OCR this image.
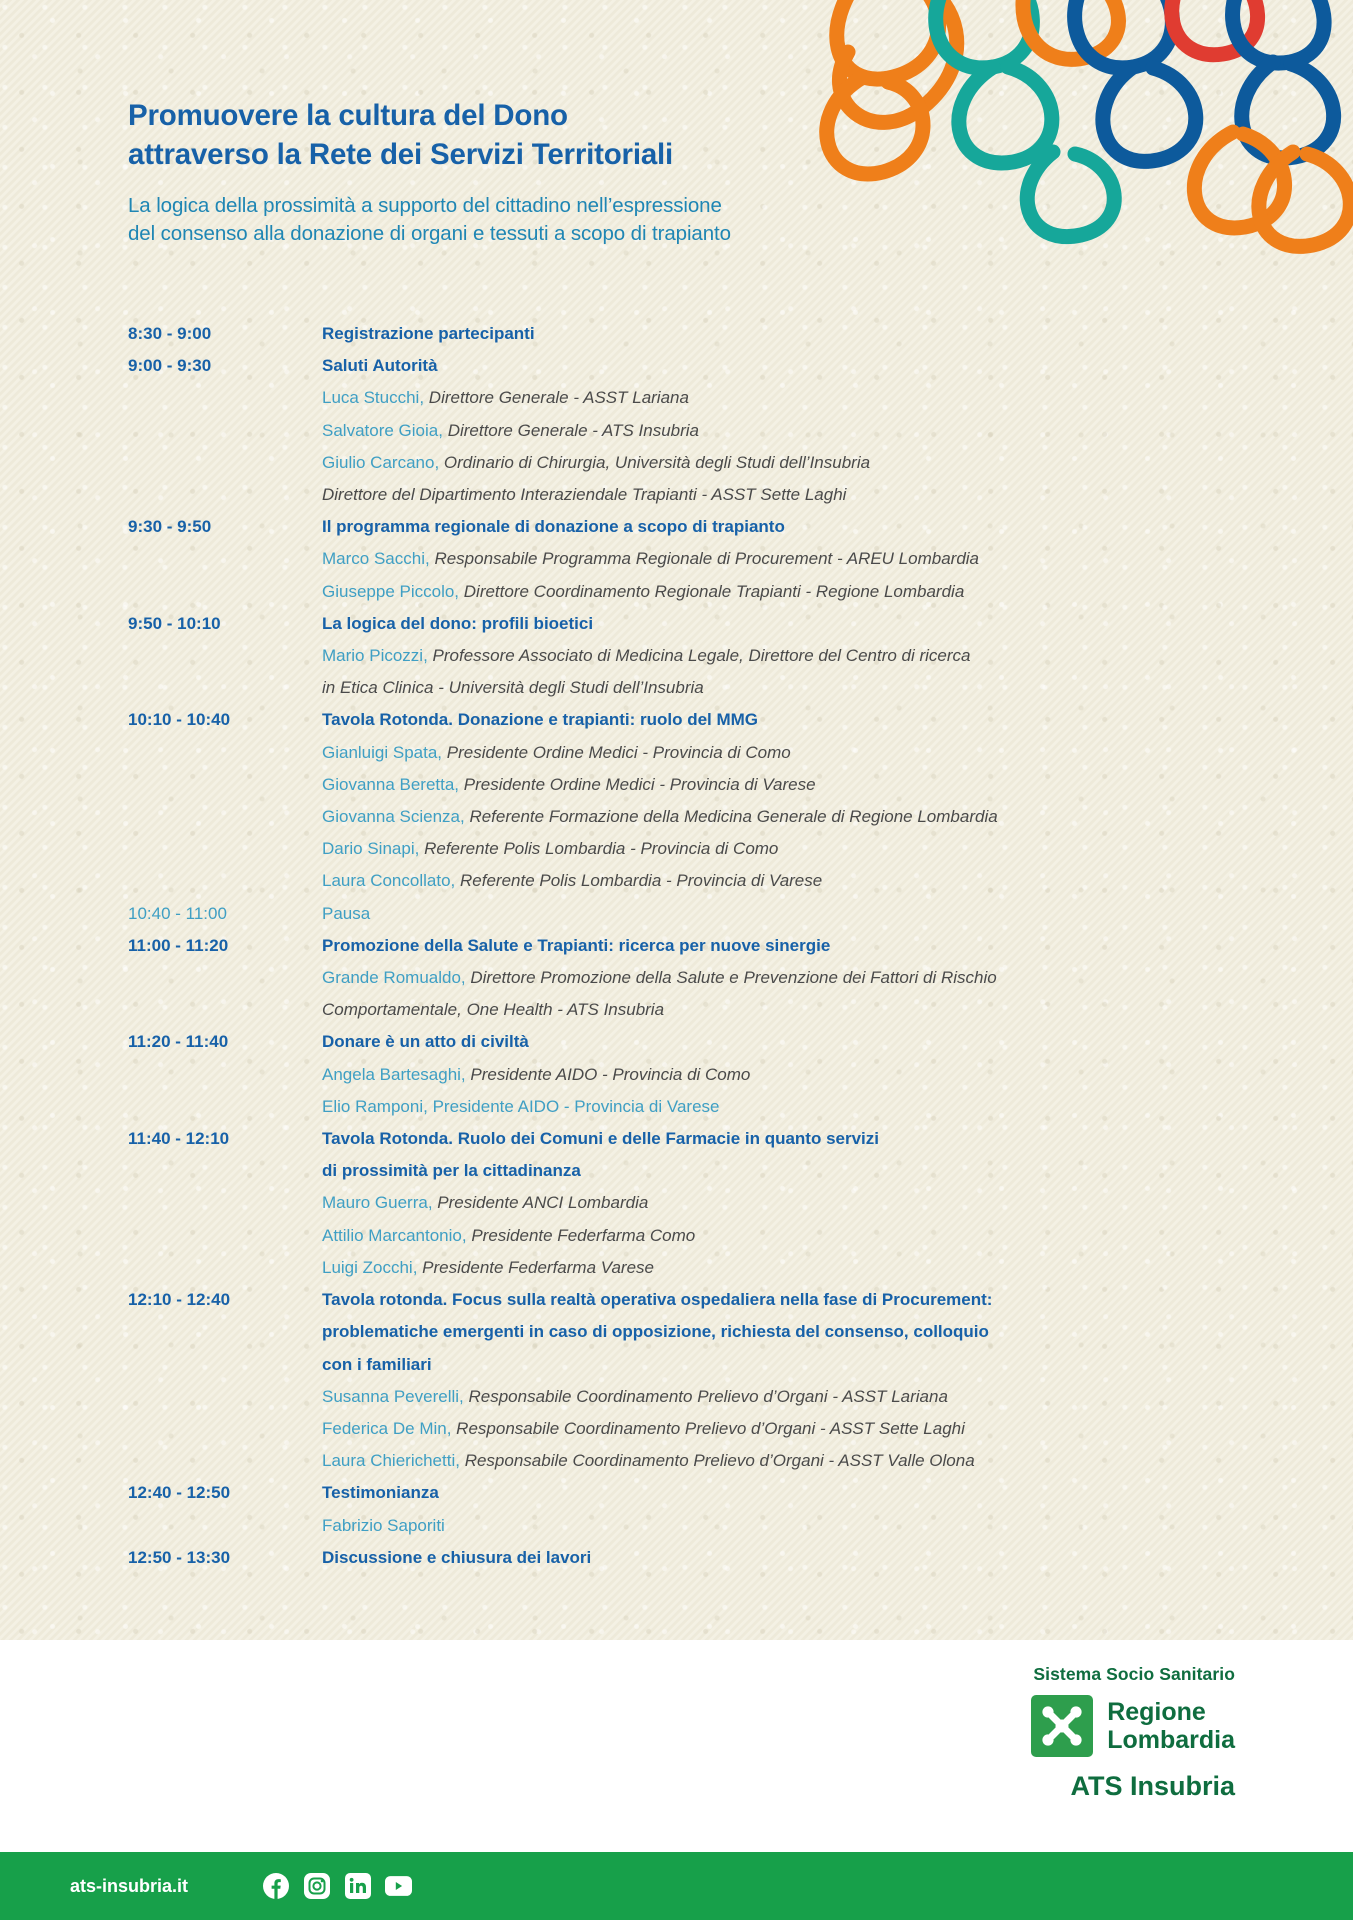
Promuovere la cultura del Dono
attraverso la Rete dei Servizi Territoriali
La logica della prossimità a supporto del cittadino nell’espressione
del consenso alla donazione di organi e tessuti a scopo di trapianto
8:30 - 9:00	Registrazione partecipanti
9:00 - 9:30	Saluti Autorità
Luca Stucchi, Direttore Generale - ASST Lariana
Salvatore Gioia, Direttore Generale - ATS Insubria
Giulio Carcano, Ordinario di Chirurgia, Università degli Studi dell’Insubria
Direttore del Dipartimento Interaziendale Trapianti - ASST Sette Laghi
9:30 - 9:50	Il programma regionale di donazione a scopo di trapianto
Marco Sacchi, Responsabile Programma Regionale di Procurement - AREU Lombardia
Giuseppe Piccolo, Direttore Coordinamento Regionale Trapianti - Regione Lombardia
9:50 - 10:10	La logica del dono: profili bioetici
Mario Picozzi, Professore Associato di Medicina Legale, Direttore del Centro di ricerca
in Etica Clinica - Università degli Studi dell’Insubria
10:10 - 10:40	Tavola Rotonda. Donazione e trapianti: ruolo del MMG
Gianluigi Spata, Presidente Ordine Medici - Provincia di Como
Giovanna Beretta, Presidente Ordine Medici - Provincia di Varese
Giovanna Scienza, Referente Formazione della Medicina Generale di Regione Lombardia
Dario Sinapi, Referente Polis Lombardia - Provincia di Como
Laura Concollato, Referente Polis Lombardia - Provincia di Varese
10:40 - 11:00	Pausa
11:00 - 11:20	Promozione della Salute e Trapianti: ricerca per nuove sinergie
Grande Romualdo, Direttore Promozione della Salute e Prevenzione dei Fattori di Rischio
Comportamentale, One Health - ATS Insubria
11:20 - 11:40	Donare è un atto di civiltà
Angela Bartesaghi, Presidente AIDO - Provincia di Como
Elio Ramponi, Presidente AIDO - Provincia di Varese
11:40 - 12:10	Tavola Rotonda. Ruolo dei Comuni e delle Farmacie in quanto servizi
di prossimità per la cittadinanza
Mauro Guerra, Presidente ANCI Lombardia
Attilio Marcantonio, Presidente Federfarma Como
Luigi Zocchi, Presidente Federfarma Varese
12:10 - 12:40	Tavola rotonda. Focus sulla realtà operativa ospedaliera nella fase di Procurement:
problematiche emergenti in caso di opposizione, richiesta del consenso, colloquio
con i familiari
Susanna Peverelli, Responsabile Coordinamento Prelievo d’Organi - ASST Lariana
Federica De Min, Responsabile Coordinamento Prelievo d’Organi - ASST Sette Laghi
Laura Chierichetti, Responsabile Coordinamento Prelievo d’Organi - ASST Valle Olona
12:40 - 12:50	Testimonianza
Fabrizio Saporiti
12:50 - 13:30	Discussione e chiusura dei lavori
Sistema Socio Sanitario
Regione
Lombardia
ATS Insubria
ats-insubria.it
